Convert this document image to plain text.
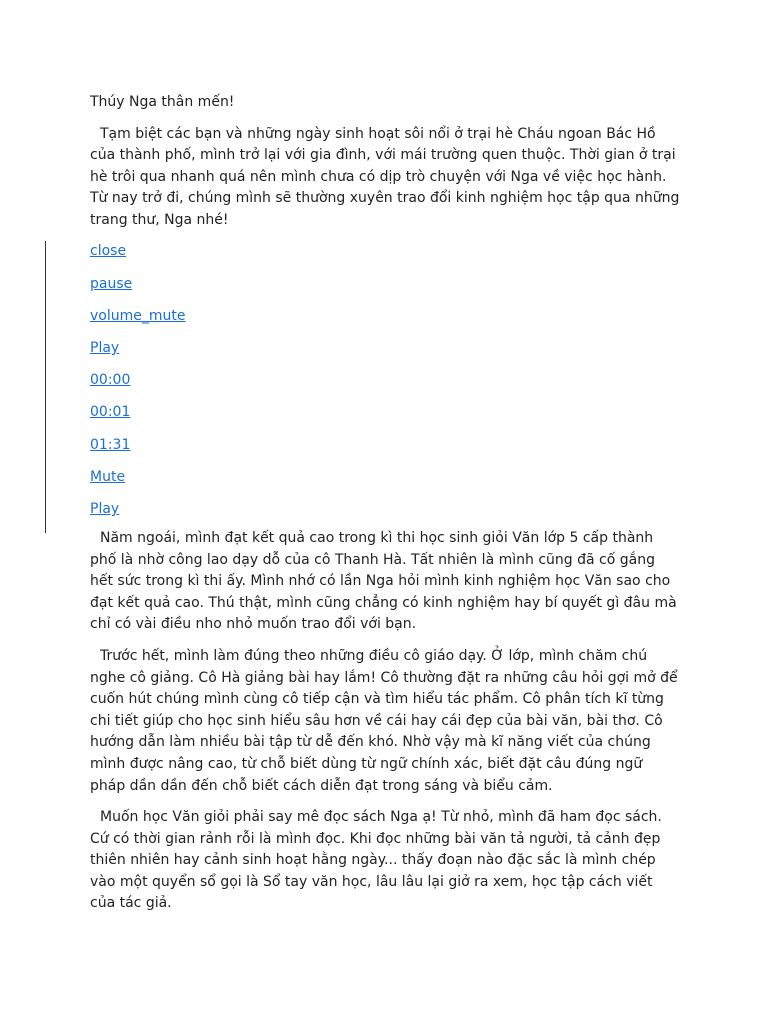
Thúy Nga thân mến!

Tạm biệt các bạn và những ngày sinh hoạt sôi nổi ở trại hè Cháu ngoan Bác Hồ của thành phố, mình trở lại với gia đình, với mái trường quen thuộc. Thời gian ở trại hè trôi qua nhanh quá nên mình chưa có dịp trò chuyện với Nga về việc học hành. Từ nay trở đi, chúng mình sẽ thường xuyên trao đổi kinh nghiệm học tập qua những trang thư, Nga nhé!

close
pause
volume_mute
Play
00:00
00:01
01:31
Mute
Play

Năm ngoái, mình đạt kết quả cao trong kì thi học sinh giỏi Văn lớp 5 cấp thành phố là nhờ công lao dạy dỗ của cô Thanh Hà. Tất nhiên là mình cũng đã cố gắng hết sức trong kì thi ấy. Mình nhớ có lần Nga hỏi mình kinh nghiệm học Văn sao cho đạt kết quả cao. Thú thật, mình cũng chẳng có kinh nghiệm hay bí quyết gì đâu mà chỉ có vài điều nho nhỏ muốn trao đổi với bạn.

Trước hết, mình làm đúng theo những điều cô giáo dạy. Ở lớp, mình chăm chú nghe cô giảng. Cô Hà giảng bài hay lắm! Cô thường đặt ra những câu hỏi gợi mở để cuốn hút chúng mình cùng cô tiếp cận và tìm hiểu tác phẩm. Cô phân tích kĩ từng chi tiết giúp cho học sinh hiểu sâu hơn về cái hay cái đẹp của bài văn, bài thơ. Cô hướng dẫn làm nhiều bài tập từ dễ đến khó. Nhờ vậy mà kĩ năng viết của chúng mình được nâng cao, từ chỗ biết dùng từ ngữ chính xác, biết đặt câu đúng ngữ pháp dần dần đến chỗ biết cách diễn đạt trong sáng và biểu cảm.

Muốn học Văn giỏi phải say mê đọc sách Nga ạ! Từ nhỏ, mình đã ham đọc sách. Cứ có thời gian rảnh rỗi là mình đọc. Khi đọc những bài văn tả người, tả cảnh đẹp thiên nhiên hay cảnh sinh hoạt hằng ngày... thấy đoạn nào đặc sắc là mình chép vào một quyển sổ gọi là Sổ tay văn học, lâu lâu lại giở ra xem, học tập cách viết của tác giả.
